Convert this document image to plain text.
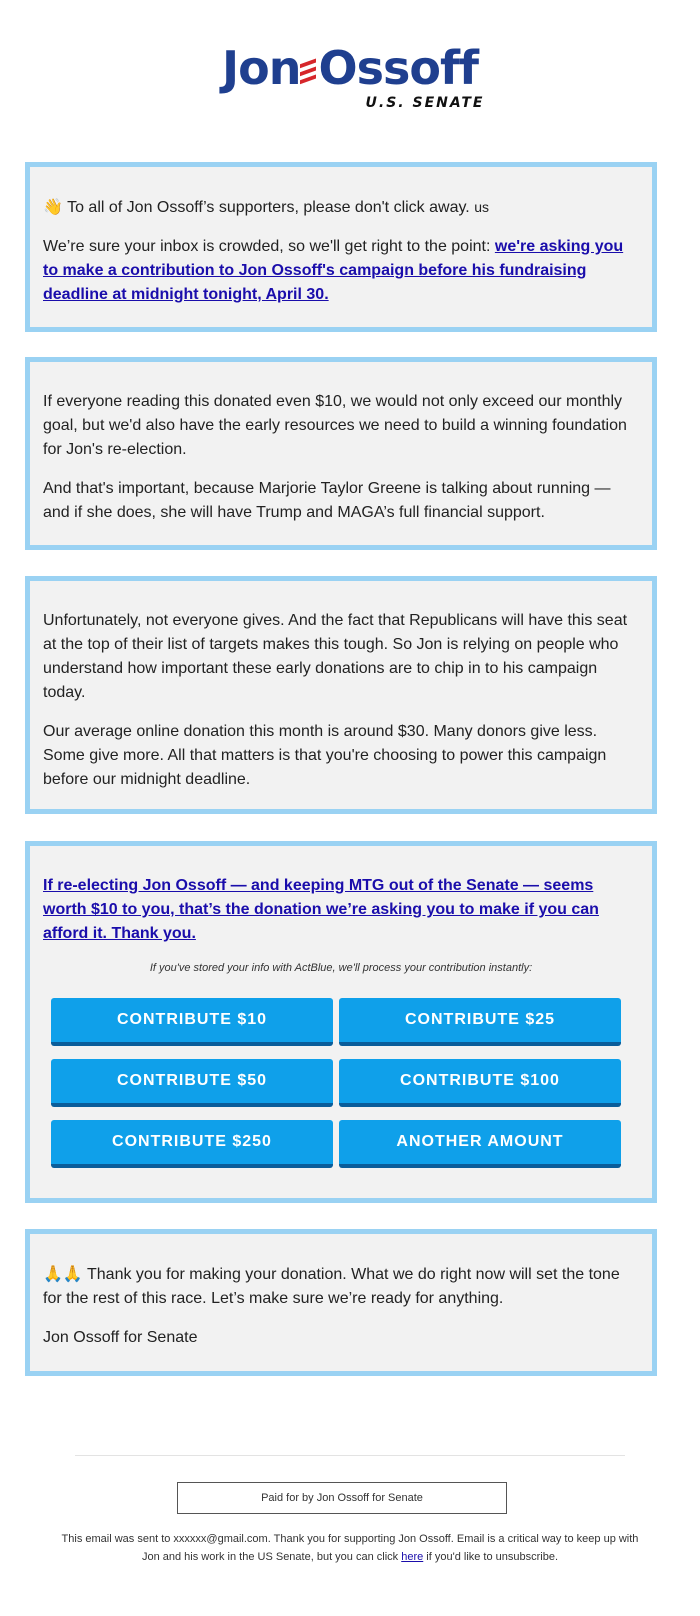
Jon Ossoff
U.S. SENATE

👋 To all of Jon Ossoff’s supporters, please don't click away. us

We’re sure your inbox is crowded, so we'll get right to the point: we're asking you to make a contribution to Jon Ossoff's campaign before his fundraising deadline at midnight tonight, April 30.

If everyone reading this donated even $10, we would not only exceed our monthly goal, but we'd also have the early resources we need to build a winning foundation for Jon's re-election.

And that's important, because Marjorie Taylor Greene is talking about running — and if she does, she will have Trump and MAGA’s full financial support.

Unfortunately, not everyone gives. And the fact that Republicans will have this seat at the top of their list of targets makes this tough. So Jon is relying on people who understand how important these early donations are to chip in to his campaign today.

Our average online donation this month is around $30. Many donors give less. Some give more. All that matters is that you're choosing to power this campaign before our midnight deadline.

If re-electing Jon Ossoff — and keeping MTG out of the Senate — seems worth $10 to you, that’s the donation we’re asking you to make if you can afford it. Thank you.

If you've stored your info with ActBlue, we'll process your contribution instantly:

CONTRIBUTE $10	CONTRIBUTE $25
CONTRIBUTE $50	CONTRIBUTE $100
CONTRIBUTE $250	ANOTHER AMOUNT

🙏🙏 Thank you for making your donation. What we do right now will set the tone for the rest of this race. Let’s make sure we’re ready for anything.

Jon Ossoff for Senate

Paid for by Jon Ossoff for Senate
This email was sent to xxxxxx@gmail.com. Thank you for supporting Jon Ossoff. Email is a critical way to keep up with Jon and his work in the US Senate, but you can click here if you'd like to unsubscribe.
